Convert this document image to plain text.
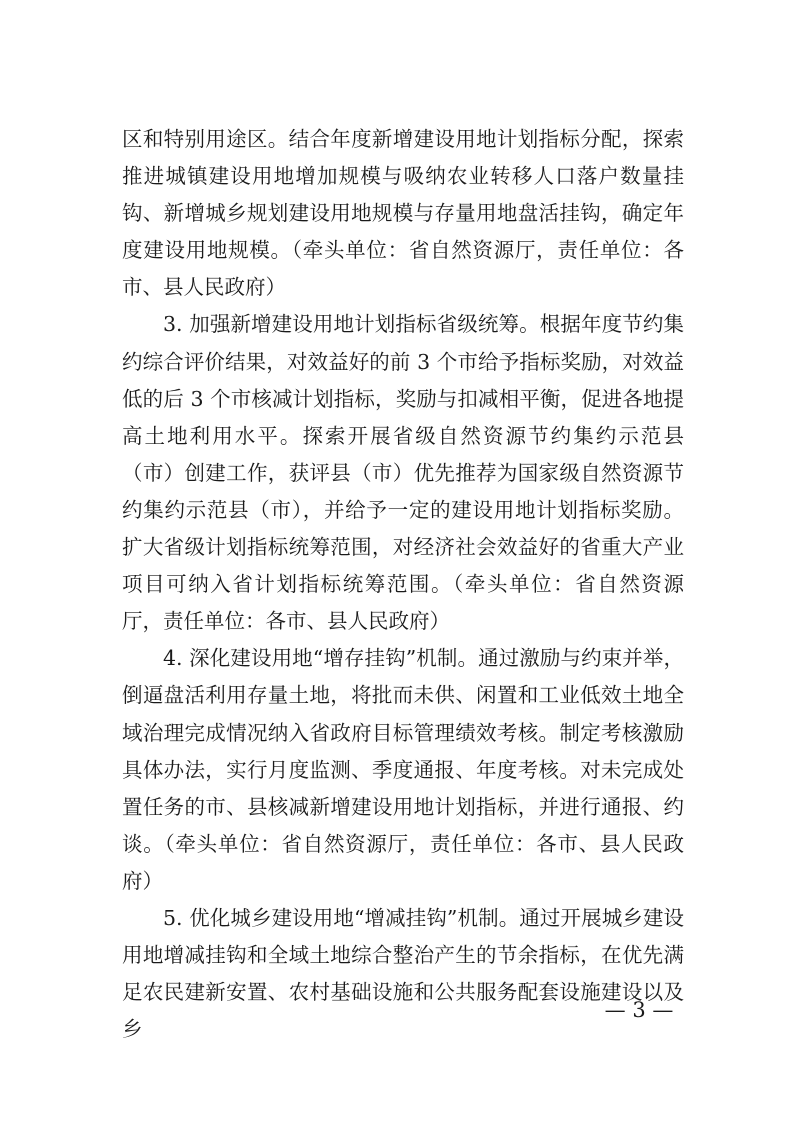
区和特别用途区。结合年度新增建设用地计划指标分配，探索推进城镇建设用地增加规模与吸纳农业转移人口落户数量挂钩、新增城乡规划建设用地规模与存量用地盘活挂钩，确定年度建设用地规模。（牵头单位：省自然资源厅，责任单位：各市、县人民政府）

3. 加强新增建设用地计划指标省级统筹。根据年度节约集约综合评价结果，对效益好的前 3 个市给予指标奖励，对效益低的后 3 个市核减计划指标，奖励与扣减相平衡，促进各地提高土地利用水平。探索开展省级自然资源节约集约示范县（市）创建工作，获评县（市）优先推荐为国家级自然资源节约集约示范县（市），并给予一定的建设用地计划指标奖励。扩大省级计划指标统筹范围，对经济社会效益好的省重大产业项目可纳入省计划指标统筹范围。（牵头单位：省自然资源厅，责任单位：各市、县人民政府）

4. 深化建设用地“增存挂钩”机制。通过激励与约束并举，倒逼盘活利用存量土地，将批而未供、闲置和工业低效土地全域治理完成情况纳入省政府目标管理绩效考核。制定考核激励具体办法，实行月度监测、季度通报、年度考核。对未完成处置任务的市、县核减新增建设用地计划指标，并进行通报、约谈。（牵头单位：省自然资源厅，责任单位：各市、县人民政府）

5. 优化城乡建设用地“增减挂钩”机制。通过开展城乡建设用地增减挂钩和全域土地综合整治产生的节余指标，在优先满足农民建新安置、农村基础设施和公共服务配套设施建设以及乡

— 3 —
